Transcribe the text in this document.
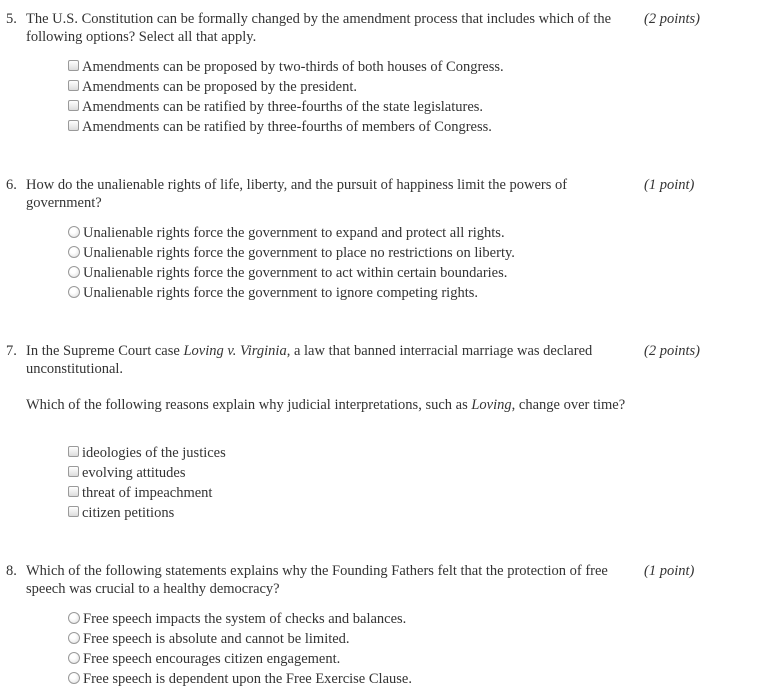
5. The U.S. Constitution can be formally changed by the amendment process that includes which of the following options? Select all that apply.
(2 points)
Amendments can be proposed by two-thirds of both houses of Congress.
Amendments can be proposed by the president.
Amendments can be ratified by three-fourths of the state legislatures.
Amendments can be ratified by three-fourths of members of Congress.
6. How do the unalienable rights of life, liberty, and the pursuit of happiness limit the powers of government?
(1 point)
Unalienable rights force the government to expand and protect all rights.
Unalienable rights force the government to place no restrictions on liberty.
Unalienable rights force the government to act within certain boundaries.
Unalienable rights force the government to ignore competing rights.
7. In the Supreme Court case Loving v. Virginia, a law that banned interracial marriage was declared unconstitutional.
(2 points)
Which of the following reasons explain why judicial interpretations, such as Loving, change over time?
ideologies of the justices
evolving attitudes
threat of impeachment
citizen petitions
8. Which of the following statements explains why the Founding Fathers felt that the protection of free speech was crucial to a healthy democracy?
(1 point)
Free speech impacts the system of checks and balances.
Free speech is absolute and cannot be limited.
Free speech encourages citizen engagement.
Free speech is dependent upon the Free Exercise Clause.
